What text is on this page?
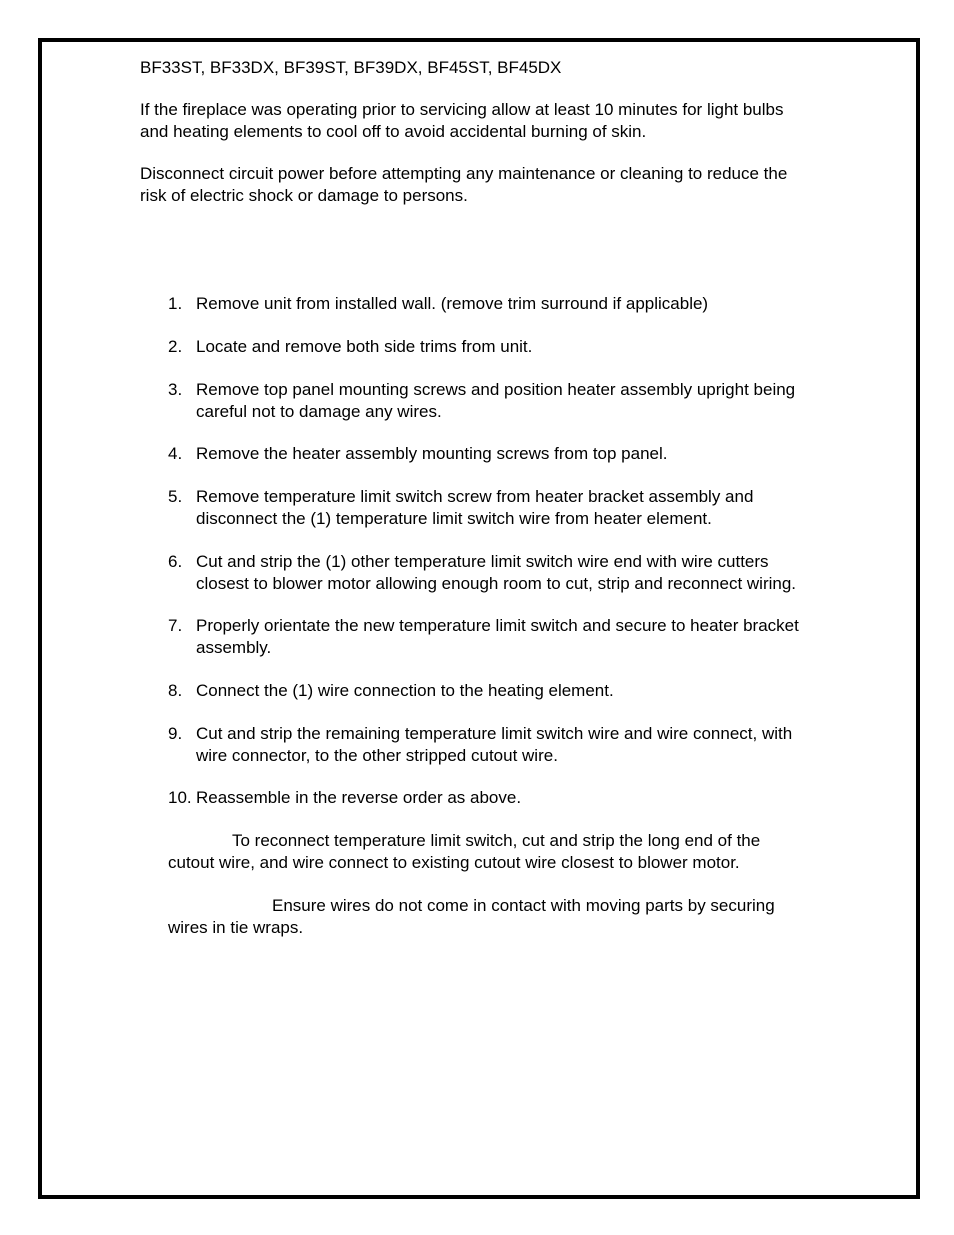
BF33ST, BF33DX, BF39ST, BF39DX, BF45ST, BF45DX
If the fireplace was operating prior to servicing allow at least 10 minutes for light bulbs
and heating elements to cool off to avoid accidental burning of skin.
Disconnect circuit power before attempting any maintenance or cleaning to reduce the
risk of electric shock or damage to persons.
1. Remove unit from installed wall. (remove trim surround if applicable)
2. Locate and remove both side trims from unit.
3. Remove top panel mounting screws and position heater assembly upright being
careful not to damage any wires.
4. Remove the heater assembly mounting screws from top panel.
5. Remove temperature limit switch screw from heater bracket assembly and
disconnect the (1) temperature limit switch wire from heater element.
6. Cut and strip the (1) other temperature limit switch wire end with wire cutters
closest to blower motor allowing enough room to cut, strip and reconnect wiring.
7. Properly orientate the new temperature limit switch and secure to heater bracket
assembly.
8. Connect the (1) wire connection to the heating element.
9. Cut and strip the remaining temperature limit switch wire and wire connect, with
wire connector, to the other stripped cutout wire.
10. Reassemble in the reverse order as above.
To reconnect temperature limit switch, cut and strip the long end of the
cutout wire, and wire connect to existing cutout wire closest to blower motor.
Ensure wires do not come in contact with moving parts by securing
wires in tie wraps.
